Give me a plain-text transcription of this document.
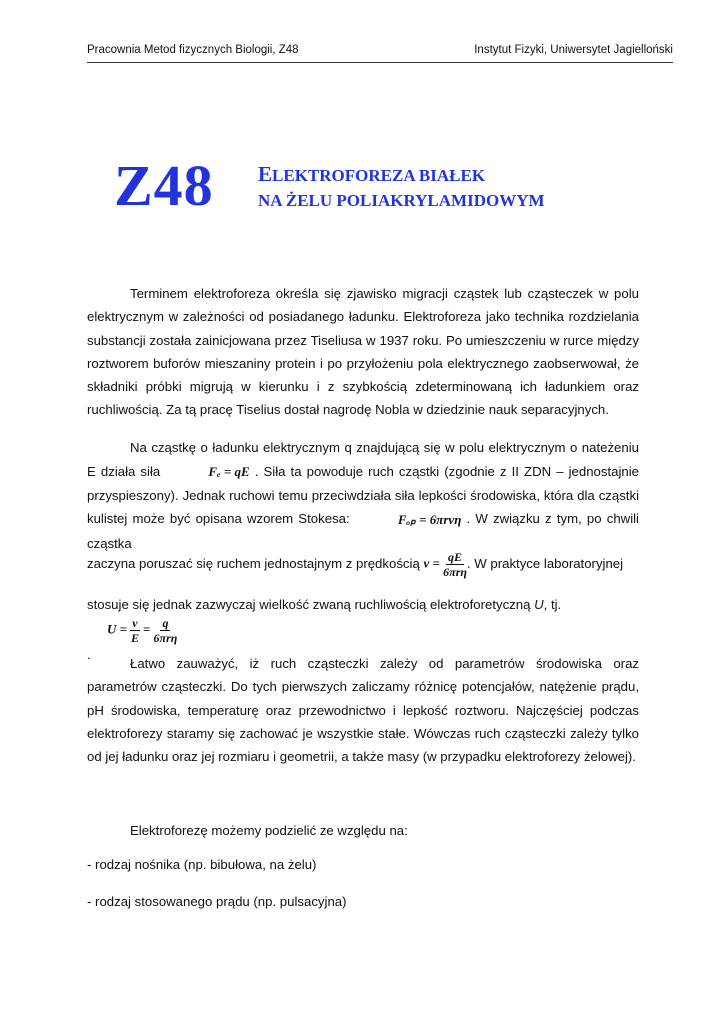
Pracownia Metod fizycznych Biologii, Z48	Instytut Fizyki, Uniwersytet Jagielloński
Z48 ELEKTROFOREZA BIAŁEK
NA ŻELU POLIAKRYLAMIDOWYM

Terminem elektroforeza określa się zjawisko migracji cząstek lub cząsteczek w polu elektrycznym w zależności od posiadanego ładunku. Elektroforeza jako technika rozdzielania substancji została zainicjowana przez Tiseliusa w 1937 roku. Po umieszczeniu w rurce między roztworem buforów mieszaniny protein i po przyłożeniu pola elektrycznego zaobserwował, że składniki próbki migrują w kierunku i z szybkością zdeterminowaną ich ładunkiem oraz ruchliwością. Za tą pracę Tiselius dostał nagrodę Nobla w dziedzinie nauk separacyjnych.

Na cząstkę o ładunku elektrycznym q znajdującą się w polu elektrycznym o nateżeniu E działa siła	Fₑ = qE . Siła ta powoduje ruch cząstki (zgodnie z II ZDN – jednostajnie przyspieszony). Jednak ruchowi temu przeciwdziała siła lepkości środowiska, która dla cząstki kulistej może być opisana wzorem Stokesa:	Fₒₚ = 6πrvη . W związku z tym, po chwili cząstka

zaczyna poruszać się ruchem jednostajnym z prędkością $v = \frac{qE}{\text{6πrη}}$ . W praktyce laboratoryjnej

stosuje się jednak zazwyczaj wielkość zwaną ruchliwością elektroforetyczną U, tj. $U = \frac{v}{E} = \frac{q}{\text{6πrη}}$

.

Łatwo zauważyć, iż ruch cząsteczki zależy od parametrów środowiska oraz parametrów cząsteczki. Do tych pierwszych zaliczamy różnicę potencjałów, natężenie prądu, pH środowiska, temperaturę oraz przewodnictwo i lepkość roztworu. Najczęściej podczas elektroforezy staramy się zachować je wszystkie stałe. Wówczas ruch cząsteczki zależy tylko od jej ładunku oraz jej rozmiaru i geometrii, a także masy (w przypadku elektroforezy żelowej).

Elektroforezę możemy podzielić ze względu na:

- rodzaj nośnika (np. bibułowa, na żelu)

- rodzaj stosowanego prądu (np. pulsacyjna)
